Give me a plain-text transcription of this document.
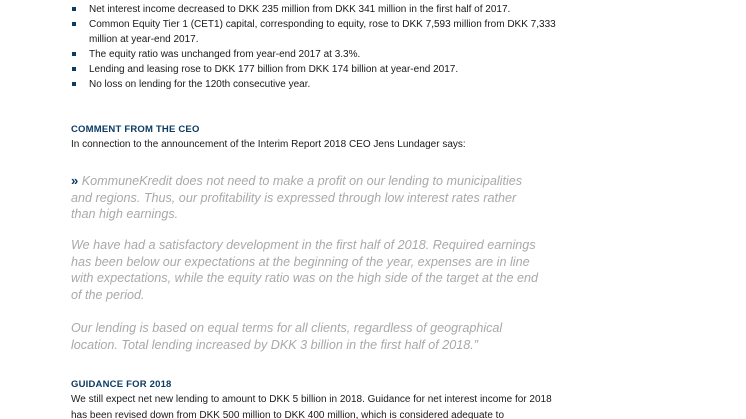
Net interest income decreased to DKK 235 million from DKK 341 million in the first half of 2017.
Common Equity Tier 1 (CET1) capital, corresponding to equity, rose to DKK 7,593 million from DKK 7,333 million at year-end 2017.
The equity ratio was unchanged from year-end 2017 at 3.3%.
Lending and leasing rose to DKK 177 billion from DKK 174 billion at year-end 2017.
No loss on lending for the 120th consecutive year.
COMMENT FROM THE CEO
In connection to the announcement of the Interim Report 2018 CEO Jens Lundager says:
» KommuneKredit does not need to make a profit on our lending to municipalities and regions. Thus, our profitability is expressed through low interest rates rather than high earnings.
We have had a satisfactory development in the first half of 2018. Required earnings has been below our expectations at the beginning of the year, expenses are in line with expectations, while the equity ratio was on the high side of the target at the end of the period.
Our lending is based on equal terms for all clients, regardless of geographical location. Total lending increased by DKK 3 billion in the first half of 2018.”
GUIDANCE FOR 2018
We still expect net new lending to amount to DKK 5 billion in 2018. Guidance for net interest income for 2018 has been revised down from DKK 500 million to DKK 400 million, which is considered adequate to
